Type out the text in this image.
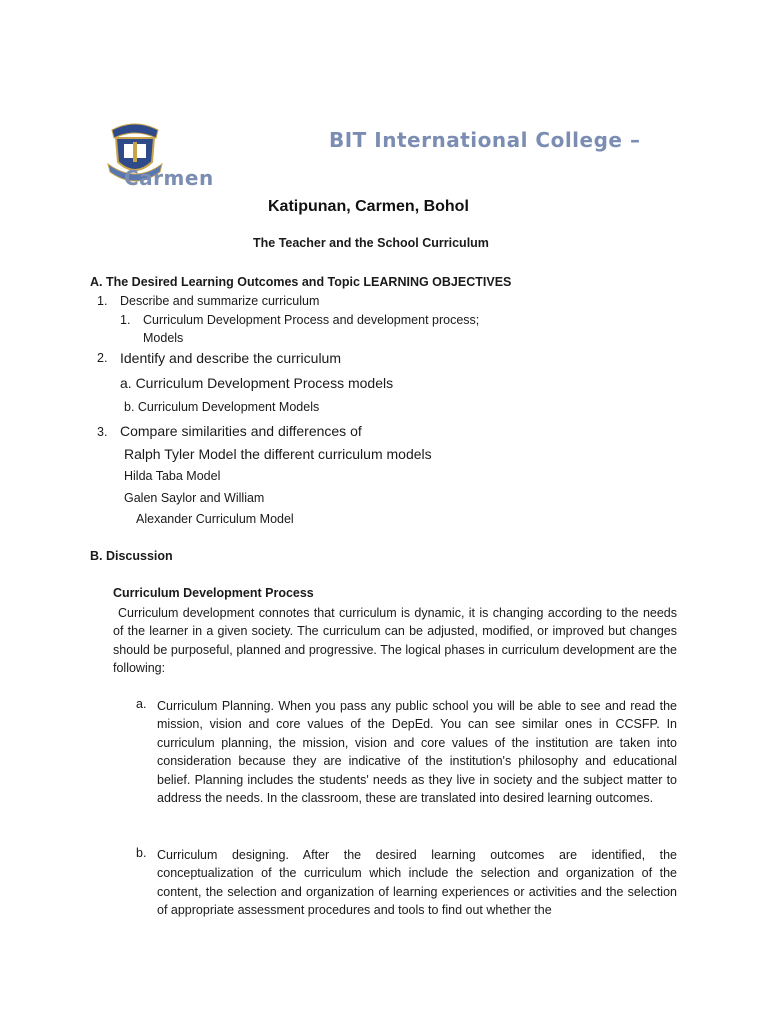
BIT International College –
Carmen
Katipunan, Carmen, Bohol
The Teacher and the School Curriculum
A. The Desired Learning Outcomes and Topic LEARNING OBJECTIVES
1. Describe and summarize curriculum
1. Curriculum Development Process and development process;
Models
2. Identify and describe the curriculum
a. Curriculum Development Process models
b. Curriculum Development Models
3. Compare similarities and differences of
Ralph Tyler Model the different curriculum models
Hilda Taba Model
Galen Saylor and William
Alexander Curriculum Model
B. Discussion
Curriculum Development Process
Curriculum development connotes that curriculum is dynamic, it is changing according to the needs of the learner in a given society. The curriculum can be adjusted, modified, or improved but changes should be purposeful, planned and progressive. The logical phases in curriculum development are the following:
a. Curriculum Planning. When you pass any public school you will be able to see and read the mission, vision and core values of the DepEd. You can see similar ones in CCSFP. In curriculum planning, the mission, vision and core values of the institution are taken into consideration because they are indicative of the institution's philosophy and educational belief. Planning includes the students' needs as they live in society and the subject matter to address the needs. In the classroom, these are translated into desired learning outcomes.
b. Curriculum designing. After the desired learning outcomes are identified, the conceptualization of the curriculum which include the selection and organization of the content, the selection and organization of learning experiences or activities and the selection of appropriate assessment procedures and tools to find out whether the
